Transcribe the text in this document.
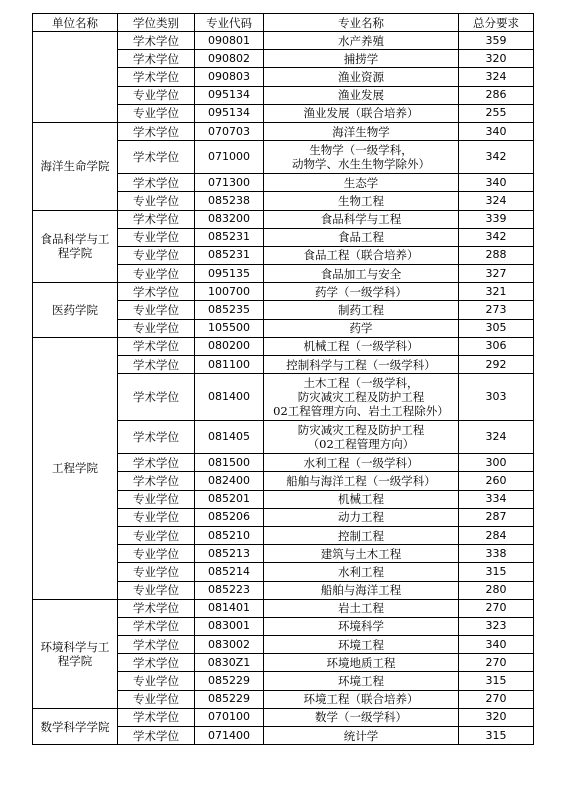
单位名称	学位类别	专业代码	专业名称	总分要求
	学术学位	090801	水产养殖	359
	学术学位	090802	捕捞学	320
	学术学位	090803	渔业资源	324
	专业学位	095134	渔业发展	286
	专业学位	095134	渔业发展（联合培养）	255
海洋生命学院	学术学位	070703	海洋生物学	340
	学术学位	071000	生物学（一级学科，
动物学、水生生物学除外）	342
	学术学位	071300	生态学	340
	专业学位	085238	生物工程	324
食品科学与工
程学院	学术学位	083200	食品科学与工程	339
	专业学位	085231	食品工程	342
	专业学位	085231	食品工程（联合培养）	288
	专业学位	095135	食品加工与安全	327
医药学院	学术学位	100700	药学（一级学科）	321
	专业学位	085235	制药工程	273
	专业学位	105500	药学	305
工程学院	学术学位	080200	机械工程（一级学科）	306
	学术学位	081100	控制科学与工程（一级学科）	292
	学术学位	081400	土木工程（一级学科，
防灾减灾工程及防护工程
02工程管理方向、岩土工程除外）	303
	学术学位	081405	防灾减灾工程及防护工程
（02工程管理方向）	324
	学术学位	081500	水利工程（一级学科）	300
	学术学位	082400	船舶与海洋工程（一级学科）	260
	专业学位	085201	机械工程	334
	专业学位	085206	动力工程	287
	专业学位	085210	控制工程	284
	专业学位	085213	建筑与土木工程	338
	专业学位	085214	水利工程	315
	专业学位	085223	船舶与海洋工程	280
环境科学与工
程学院	学术学位	081401	岩土工程	270
	学术学位	083001	环境科学	323
	学术学位	083002	环境工程	340
	学术学位	0830Z1	环境地质工程	270
	专业学位	085229	环境工程	315
	专业学位	085229	环境工程（联合培养）	270
数学科学学院	学术学位	070100	数学（一级学科）	320
	学术学位	071400	统计学	315
